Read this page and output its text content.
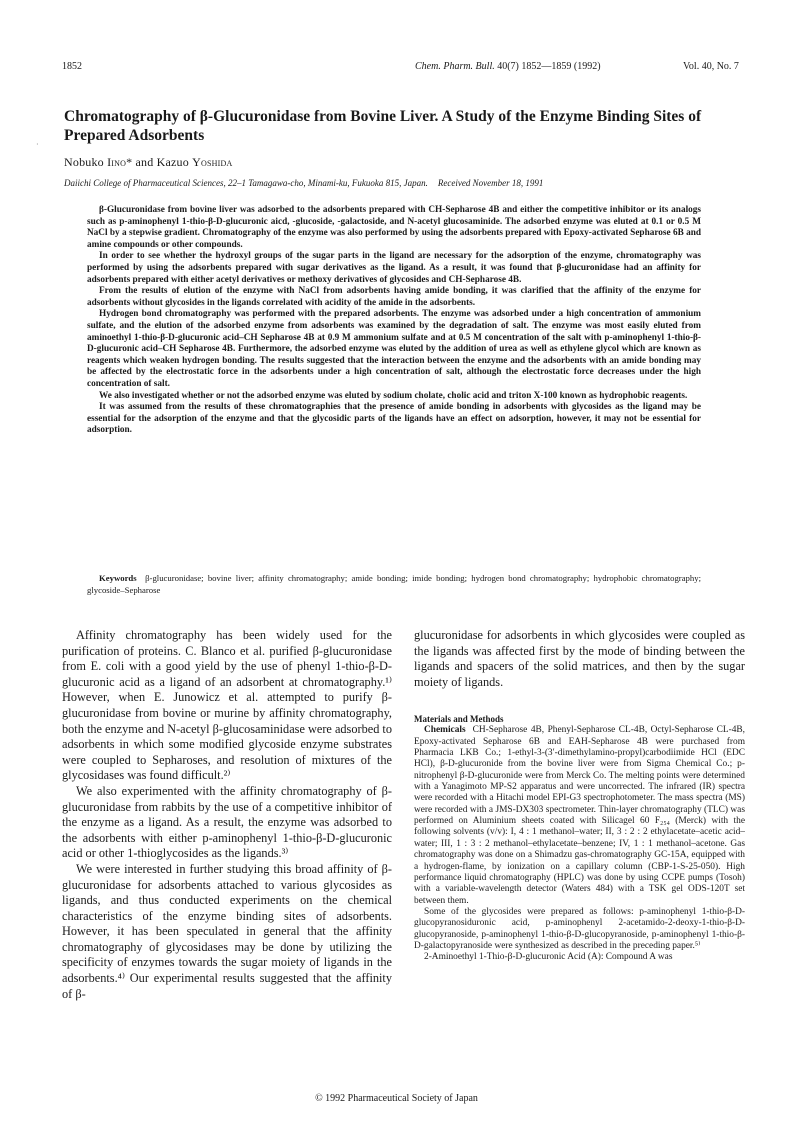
1852	Chem. Pharm. Bull. 40(7) 1852—1859 (1992)	Vol. 40, No. 7
·
Chromatography of β-Glucuronidase from Bovine Liver. A Study of the Enzyme Binding Sites of Prepared Adsorbents
Nobuko Iino* and Kazuo Yoshida
Daiichi College of Pharmaceutical Sciences, 22–1 Tamagawa-cho, Minami-ku, Fukuoka 815, Japan. Received November 18, 1991

β-Glucuronidase from bovine liver was adsorbed to the adsorbents prepared with CH-Sepharose 4B and either the competitive inhibitor or its analogs such as p-aminophenyl 1-thio-β-D-glucuronic aicd, -glucoside, -galactoside, and N-acetyl glucosaminide. The adsorbed enzyme was eluted at 0.1 or 0.5 M NaCl by a stepwise gradient. Chromatography of the enzyme was also performed by using the adsorbents prepared with Epoxy-activated Sepharose 6B and amine compounds or other compounds.

In order to see whether the hydroxyl groups of the sugar parts in the ligand are necessary for the adsorption of the enzyme, chromatography was performed by using the adsorbents prepared with sugar derivatives as the ligand. As a result, it was found that β-glucuronidase had an affinity for adsorbents prepared with either acetyl derivatives or methoxy derivatives of glycosides and CH-Sepharose 4B.

From the results of elution of the enzyme with NaCl from adsorbents having amide bonding, it was clarified that the affinity of the enzyme for adsorbents without glycosides in the ligands correlated with acidity of the amide in the adsorbents.

Hydrogen bond chromatography was performed with the prepared adsorbents. The enzyme was adsorbed under a high concentration of ammonium sulfate, and the elution of the adsorbed enzyme from adsorbents was examined by the degradation of salt. The enzyme was most easily eluted from aminoethyl 1-thio-β-D-glucuronic acid–CH Sepharose 4B at 0.9 M ammonium sulfate and at 0.5 M concentration of the salt with p-aminophenyl 1-thio-β-D-glucuronic acid–CH Sepharose 4B. Furthermore, the adsorbed enzyme was eluted by the addition of urea as well as ethylene glycol which are known as reagents which weaken hydrogen bonding. The results suggested that the interaction between the enzyme and the adsorbents with an amide bonding may be affected by the electrostatic force in the adsorbents under a high concentration of salt, although the electrostatic force decreases under the high concentration of salt.

We also investigated whether or not the adsorbed enzyme was eluted by sodium cholate, cholic acid and triton X-100 known as hydrophobic reagents.

It was assumed from the results of these chromatographies that the presence of amide bonding in adsorbents with glycosides as the ligand may be essential for the adsorption of the enzyme and that the glycosidic parts of the ligands have an effect on adsorption, however, it may not be essential for adsorption.

Keywords β-glucuronidase; bovine liver; affinity chromatography; amide bonding; imide bonding; hydrogen bond chromatography; hydrophobic chromatography; glycoside–Sepharose

Affinity chromatography has been widely used for the purification of proteins. C. Blanco et al. purified β-glucuronidase from E. coli with a good yield by the use of phenyl 1-thio-β-D-glucuronic acid as a ligand of an adsorbent at chromatography.¹⁾ However, when E. Junowicz et al. attempted to purify β-glucuronidase from bovine or murine by affinity chromatography, both the enzyme and N-acetyl β-glucosaminidase were adsorbed to adsorbents in which some modified glycoside enzyme substrates were coupled to Sepharoses, and resolution of mixtures of the glycosidases was found difficult.²⁾

We also experimented with the affinity chromatography of β-glucuronidase from rabbits by the use of a competitive inhibitor of the enzyme as a ligand. As a result, the enzyme was adsorbed to the adsorbents with either p-aminophenyl 1-thio-β-D-glucuronic acid or other 1-thioglycosides as the ligands.³⁾

We were interested in further studying this broad affinity of β-glucuronidase for adsorbents attached to various glycosides as ligands, and thus conducted experiments on the chemical characteristics of the enzyme binding sites of adsorbents. However, it has been speculated in general that the affinity chromatography of glycosidases may be done by utilizing the specificity of enzymes towards the sugar moiety of ligands in the adsorbents.⁴⁾ Our experimental results suggested that the affinity of β-

glucuronidase for adsorbents in which glycosides were coupled as the ligands was affected first by the mode of binding between the ligands and spacers of the solid matrices, and then by the sugar moiety of ligands.

Materials and Methods

Chemicals CH-Sepharose 4B, Phenyl-Sepharose CL-4B, Octyl-Sepharose CL-4B, Epoxy-activated Sepharose 6B and EAH-Sepharose 4B were purchased from Pharmacia LKB Co.; 1-ethyl-3-(3′-dimethylamino-propyl)carbodiimide HCl (EDC HCl), β-D-glucuronide from the bovine liver were from Sigma Chemical Co.; p-nitrophenyl β-D-glucuronide were from Merck Co. The melting points were determined with a Yanagimoto MP-S2 apparatus and were uncorrected. The infrared (IR) spectra were recorded with a Hitachi model EPI-G3 spectrophotometer. The mass spectra (MS) were recorded with a JMS-DX303 spectrometer. Thin-layer chromatography (TLC) was performed on Aluminium sheets coated with Silicagel 60 F₂₅₄ (Merck) with the following solvents (v/v): I, 4 : 1 methanol–water; II, 3 : 2 : 2 ethylacetate–acetic acid–water; III, 1 : 3 : 2 methanol–ethylacetate–benzene; IV, 1 : 1 methanol–acetone. Gas chromatography was done on a Shimadzu gas-chromatography GC-15A, equipped with a hydrogen-flame, by ionization on a capillary column (CBP-1-S-25-050). High performance liquid chromatography (HPLC) was done by using CCPE pumps (Tosoh) with a variable-wavelength detector (Waters 484) with a TSK gel ODS-120T set between them.

Some of the glycosides were prepared as follows: p-aminophenyl 1-thio-β-D-glucopyranosiduronic acid, p-aminophenyl 2-acetamido-2-deoxy-1-thio-β-D-glucopyranoside, p-aminophenyl 1-thio-β-D-glucopyranoside, p-aminophenyl 1-thio-β-D-galactopyranoside were synthesized as described in the preceding paper.⁵⁾

2-Aminoethyl 1-Thio-β-D-glucuronic Acid (A): Compound A was

© 1992 Pharmaceutical Society of Japan
